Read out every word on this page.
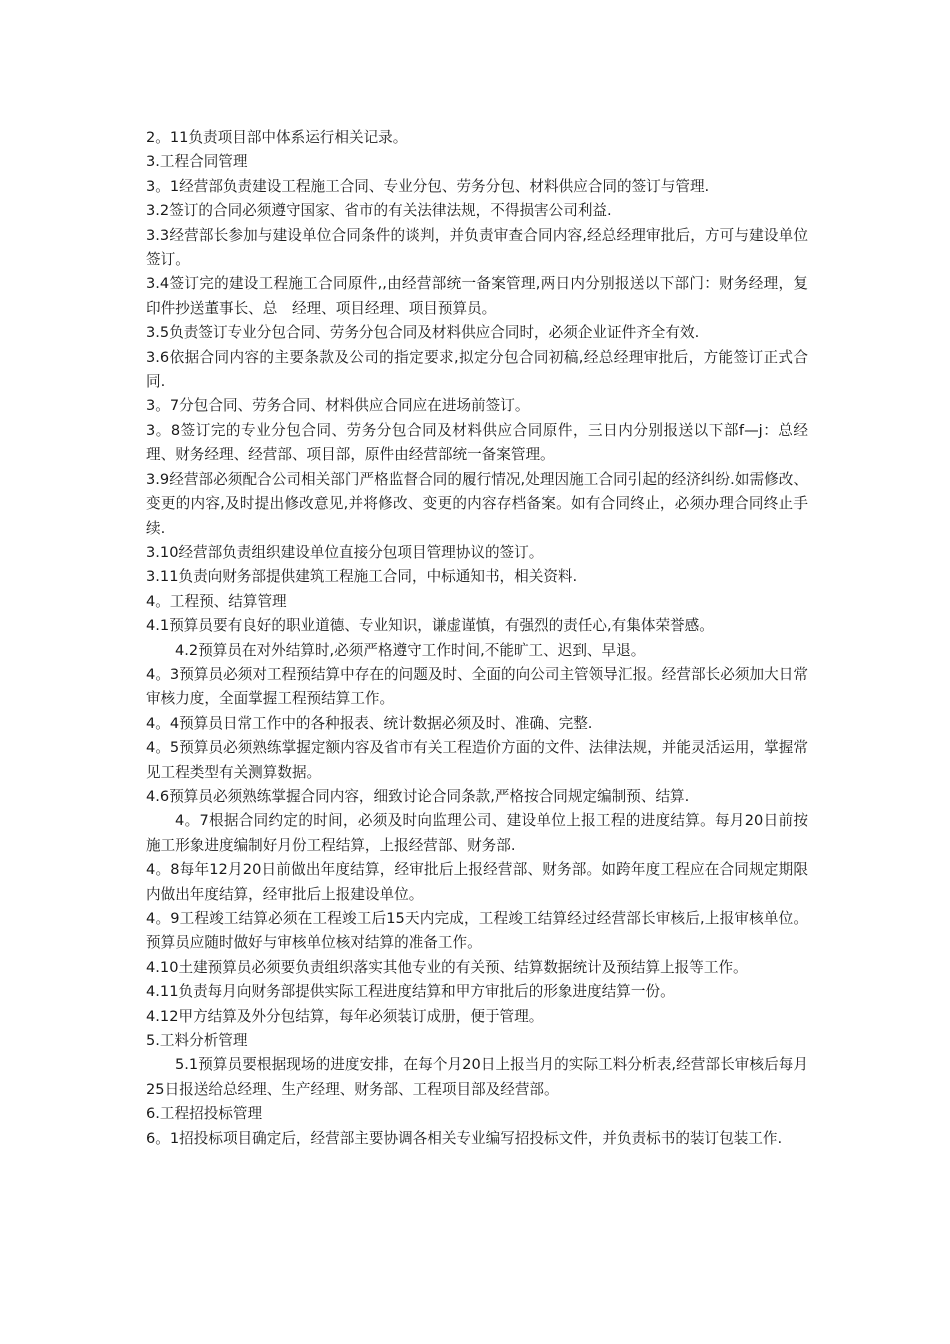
2。11负责项目部中体系运行相关记录。

3.工程合同管理

3。1经营部负责建设工程施工合同、专业分包、劳务分包、材料供应合同的签订与管理.

3.2签订的合同必须遵守国家、省市的有关法律法规，不得损害公司利益.

3.3经营部长参加与建设单位合同条件的谈判，并负责审查合同内容,经总经理审批后，方可与建设单位签订。

3.4签订完的建设工程施工合同原件,,由经营部统一备案管理,两日内分别报送以下部门：财务经理，复印件抄送董事长、总　经理、项目经理、项目预算员。

3.5负责签订专业分包合同、劳务分包合同及材料供应合同时，必须企业证件齐全有效.

3.6依据合同内容的主要条款及公司的指定要求,拟定分包合同初稿,经总经理审批后，方能签订正式合同.

3。7分包合同、劳务合同、材料供应合同应在进场前签订。

3。8签订完的专业分包合同、劳务分包合同及材料供应合同原件，三日内分别报送以下部f—j：总经理、财务经理、经营部、项目部，原件由经营部统一备案管理。

3.9经营部必须配合公司相关部门严格监督合同的履行情况,处理因施工合同引起的经济纠纷.如需修改、变更的内容,及时提出修改意见,并将修改、变更的内容存档备案。如有合同终止，必须办理合同终止手续.

3.10经营部负责组织建设单位直接分包项目管理协议的签订。

3.11负责向财务部提供建筑工程施工合同，中标通知书，相关资料.

4。工程预、结算管理

4.1预算员要有良好的职业道德、专业知识，谦虚谨慎，有强烈的责任心,有集体荣誉感。

4.2预算员在对外结算时,必须严格遵守工作时间,不能旷工、迟到、早退。

4。3预算员必须对工程预结算中存在的问题及时、全面的向公司主管领导汇报。经营部长必须加大日常审核力度，全面掌握工程预结算工作。

4。4预算员日常工作中的各种报表、统计数据必须及时、准确、完整.

4。5预算员必须熟练掌握定额内容及省市有关工程造价方面的文件、法律法规，并能灵活运用，掌握常见工程类型有关测算数据。

4.6预算员必须熟练掌握合同内容，细致讨论合同条款,严格按合同规定编制预、结算.

4。7根据合同约定的时间，必须及时向监理公司、建设单位上报工程的进度结算。每月20日前按施工形象进度编制好月份工程结算，上报经营部、财务部.

4。8每年12月20日前做出年度结算，经审批后上报经营部、财务部。如跨年度工程应在合同规定期限内做出年度结算，经审批后上报建设单位。

4。9工程竣工结算必须在工程竣工后15天内完成，工程竣工结算经过经营部长审核后,上报审核单位。预算员应随时做好与审核单位核对结算的准备工作。

4.10土建预算员必须要负责组织落实其他专业的有关预、结算数据统计及预结算上报等工作。

4.11负责每月向财务部提供实际工程进度结算和甲方审批后的形象进度结算一份。

4.12甲方结算及外分包结算，每年必须装订成册，便于管理。

5.工料分析管理

5.1预算员要根据现场的进度安排，在每个月20日上报当月的实际工料分析表,经营部长审核后每月25日报送给总经理、生产经理、财务部、工程项目部及经营部。

6.工程招投标管理

6。1招投标项目确定后，经营部主要协调各相关专业编写招投标文件，并负责标书的装订包装工作.
